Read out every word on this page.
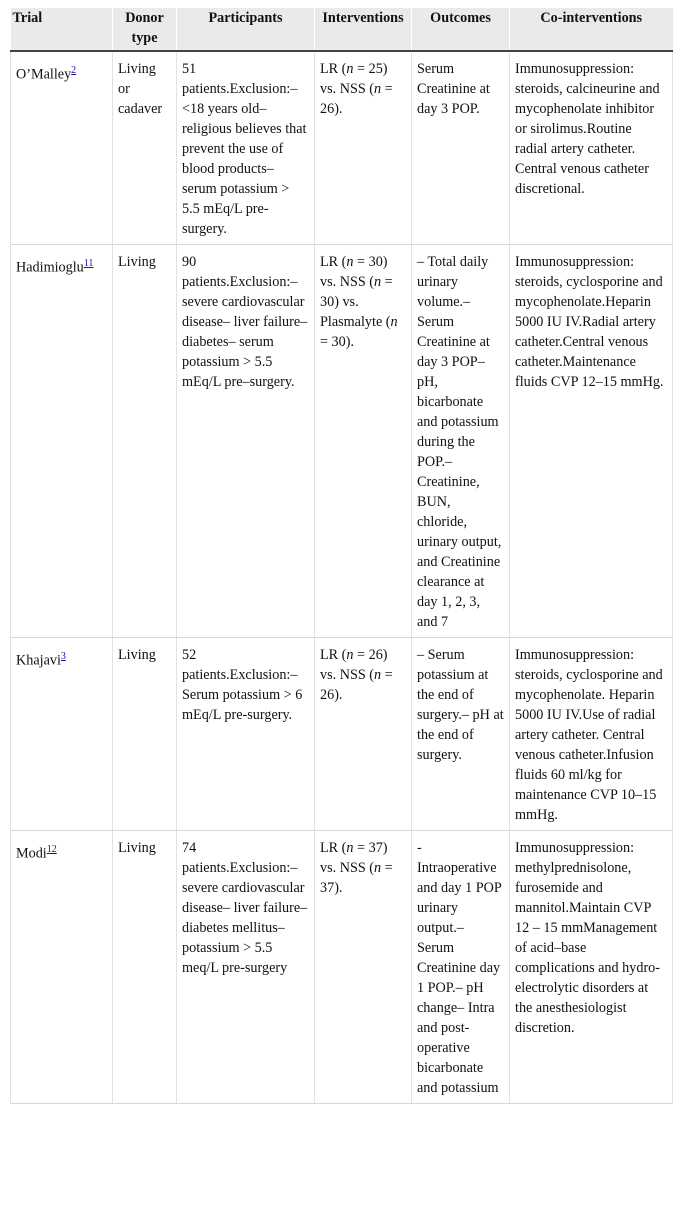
Trial	Donor type	Participants	Interventions	Outcomes	Co-interventions
O’Malley$^2$	Living or cadaver	51 patients.Exclusion:– <18 years old– religious believes that prevent the use of blood products– serum potassium > 5.5 mEq/L pre-surgery.	LR (n = 25) vs. NSS (n = 26).	Serum Creatinine at day 3 POP.	Immunosuppression: steroids, calcineurine and mycophenolate inhibitor or sirolimus.Routine radial artery catheter. Central venous catheter discretional.
Hadimioglu$^{11}$	Living	90 patients.Exclusion:– severe cardiovascular disease– liver failure– diabetes– serum potassium > 5.5 mEq/L pre–surgery.	LR (n = 30) vs. NSS (n = 30) vs. Plasmalyte (n = 30).	– Total daily urinary volume.– Serum Creatinine at day 3 POP– pH, bicarbonate and potassium during the POP.– Creatinine, BUN, chloride, urinary output, and Creatinine clearance at day 1, 2, 3, and 7	Immunosuppression: steroids, cyclosporine and mycophenolate.Heparin 5000 IU IV.Radial artery catheter.Central venous catheter.Maintenance fluids CVP 12–15 mmHg.
Khajavi$^3$	Living	52 patients.Exclusion:– Serum potassium > 6 mEq/L pre-surgery.	LR (n = 26) vs. NSS (n = 26).	– Serum potassium at the end of surgery.– pH at the end of surgery.	Immunosuppression: steroids, cyclosporine and mycophenolate. Heparin 5000 IU IV.Use of radial artery catheter. Central venous catheter.Infusion fluids 60 ml/kg for maintenance CVP 10–15 mmHg.
Modi$^{12}$	Living	74 patients.Exclusion:– severe cardiovascular disease– liver failure– diabetes mellitus– potassium > 5.5 meq/L pre-surgery	LR (n = 37) vs. NSS (n = 37).	- Intraoperative and day 1 POP urinary output.– Serum Creatinine day 1 POP.– pH change– Intra and post-operative bicarbonate and potassium	Immunosuppression: methylprednisolone, furosemide and mannitol.Maintain CVP 12 – 15 mmManagement of acid–base complications and hydro-electrolytic disorders at the anesthesiologist discretion.
